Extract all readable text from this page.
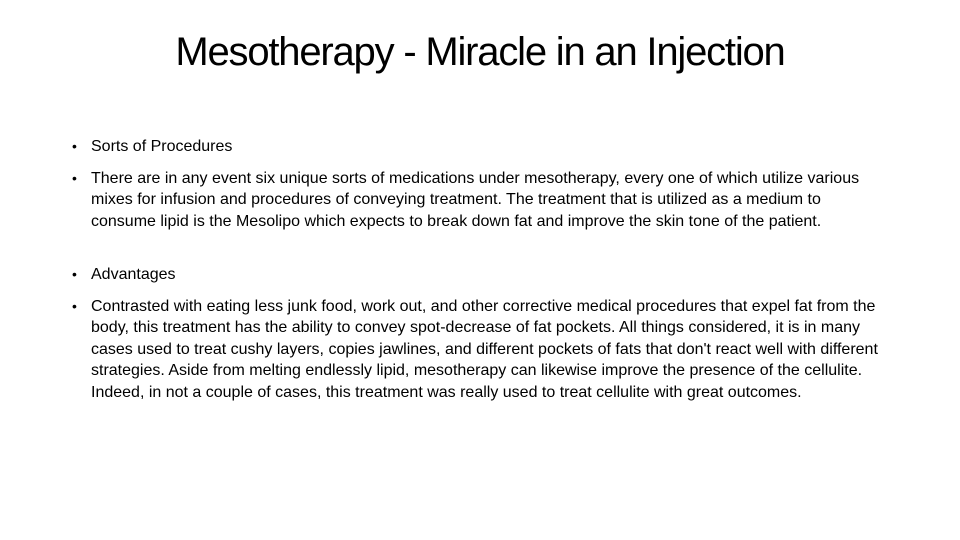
Mesotherapy - Miracle in an Injection
• Sorts of Procedures
• There are in any event six unique sorts of medications under mesotherapy, every one of which utilize various mixes for infusion and procedures of conveying treatment. The treatment that is utilized as a medium to consume lipid is the Mesolipo which expects to break down fat and improve the skin tone of the patient.
• Advantages
• Contrasted with eating less junk food, work out, and other corrective medical procedures that expel fat from the body, this treatment has the ability to convey spot-decrease of fat pockets. All things considered, it is in many cases used to treat cushy layers, copies jawlines, and different pockets of fats that don't react well with different strategies. Aside from melting endlessly lipid, mesotherapy can likewise improve the presence of the cellulite. Indeed, in not a couple of cases, this treatment was really used to treat cellulite with great outcomes.
